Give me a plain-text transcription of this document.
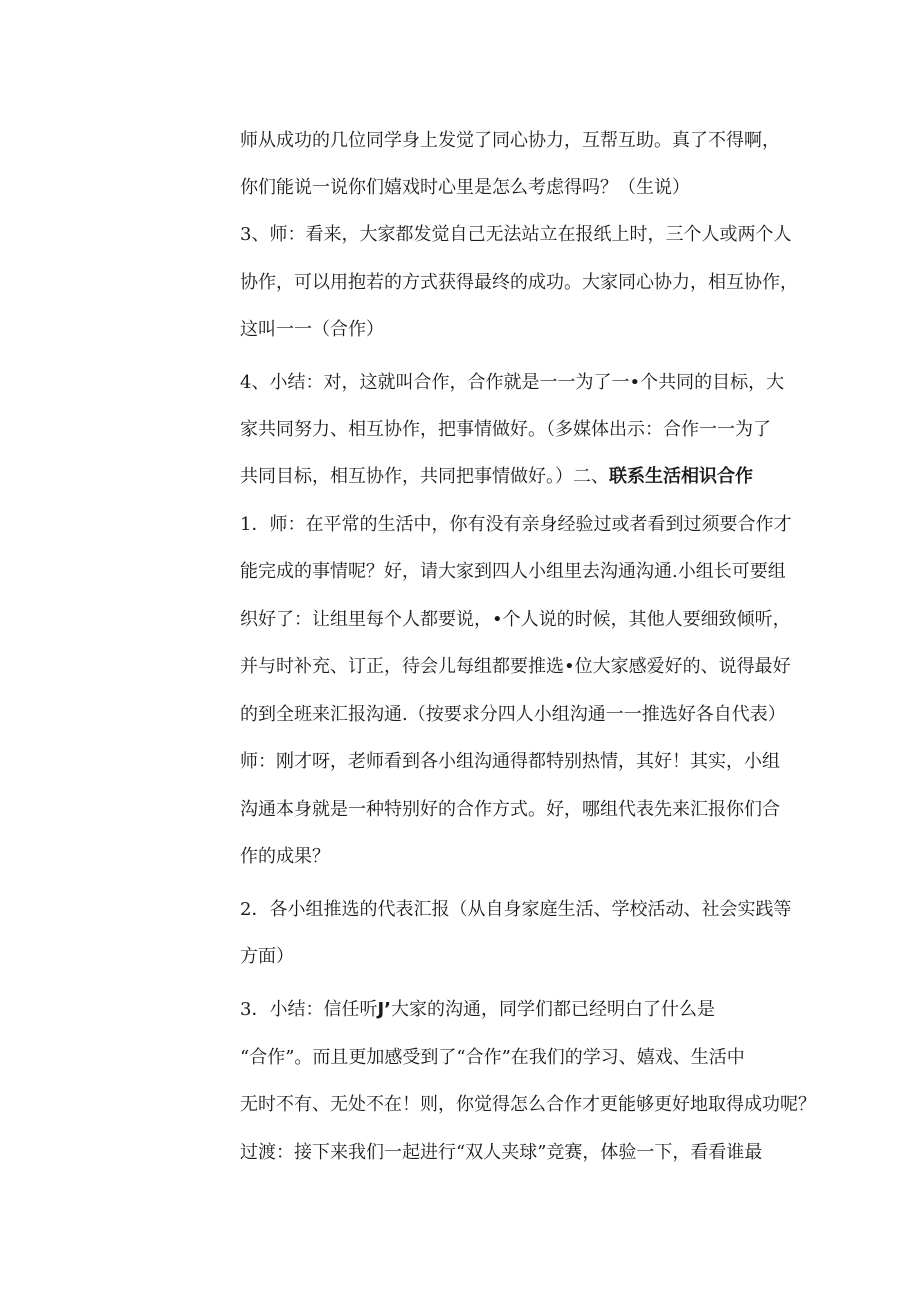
师从成功的几位同学身上发觉了同心协力，互帮互助。真了不得啊，
你们能说一说你们嬉戏时心里是怎么考虑得吗？（生说）
3、师：看来，大家都发觉自己无法站立在报纸上时，三个人或两个人
协作，可以用抱若的方式获得最终的成功。大家同心协力，相互协作，
这叫一一（合作）
4、小结：对，这就叫合作，合作就是一一为了一•个共同的目标，大
家共同努力、相互协作，把事情做好。（多媒体出示：合作一一为了
共同目标，相互协作，共同把事情做好。）二、联系生活相识合作
1．师：在平常的生活中，你有没有亲身经验过或者看到过须要合作才
能完成的事情呢？好，请大家到四人小组里去沟通沟通.小组长可要组
织好了：让组里每个人都要说，•个人说的时候，其他人要细致倾听，
并与时补充、订正，待会儿每组都要推选•位大家感爱好的、说得最好
的到全班来汇报沟通.（按要求分四人小组沟通一一推选好各自代表）
师：刚才呀，老师看到各小组沟通得都特别热情，其好！其实，小组
沟通本身就是一种特别好的合作方式。好，哪组代表先来汇报你们合
作的成果？
2．各小组推选的代表汇报（从自身家庭生活、学校活动、社会实践等
方面）
3．小结：信任听J’大家的沟通，同学们都已经明白了什么是
“合作”。而且更加感受到了“合作”在我们的学习、嬉戏、生活中
无时不有、无处不在！则，你觉得怎么合作才更能够更好地取得成功呢？
过渡：接下来我们一起进行“双人夹球”竞赛，体验一下，看看谁最
